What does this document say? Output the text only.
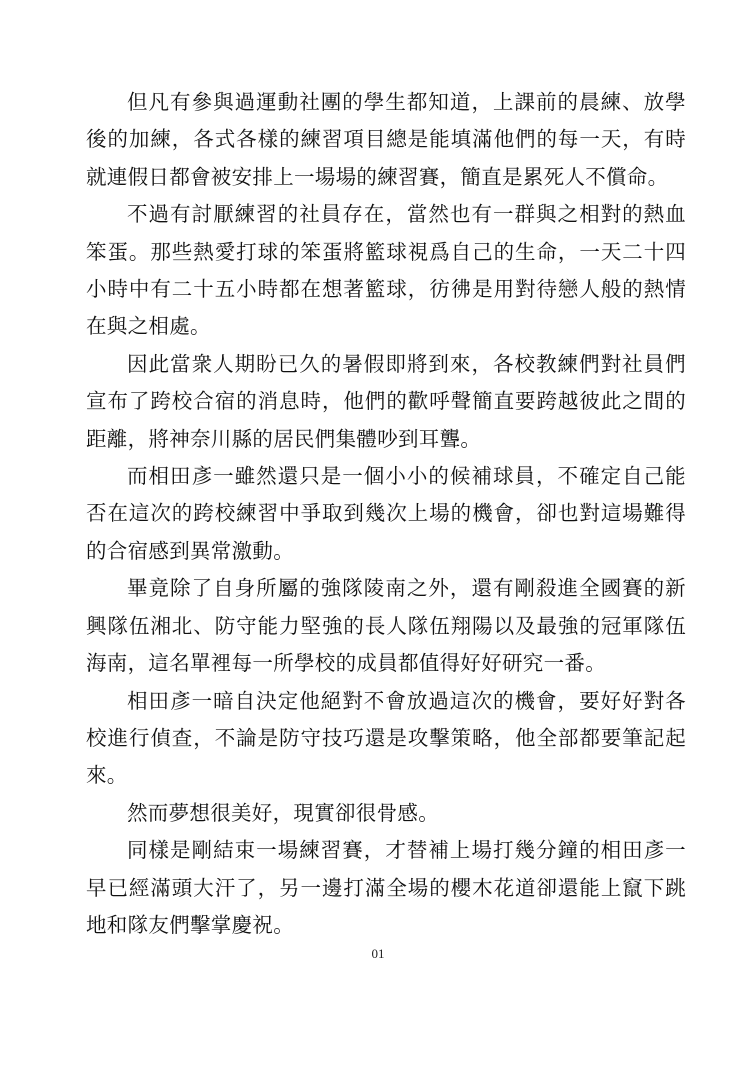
但凡有參與過運動社團的學生都知道，上課前的晨練、放學後的加練，各式各樣的練習項目總是能填滿他們的每一天，有時就連假日都會被安排上一場場的練習賽，簡直是累死人不償命。

不過有討厭練習的社員存在，當然也有一群與之相對的熱血笨蛋。那些熱愛打球的笨蛋將籃球視爲自己的生命，一天二十四小時中有二十五小時都在想著籃球，彷彿是用對待戀人般的熱情在與之相處。

因此當衆人期盼已久的暑假即將到來，各校教練們對社員們宣布了跨校合宿的消息時，他們的歡呼聲簡直要跨越彼此之間的距離，將神奈川縣的居民們集體吵到耳聾。

而相田彥一雖然還只是一個小小的候補球員，不確定自己能否在這次的跨校練習中爭取到幾次上場的機會，卻也對這場難得的合宿感到異常激動。

畢竟除了自身所屬的強隊陵南之外，還有剛殺進全國賽的新興隊伍湘北、防守能力堅強的長人隊伍翔陽以及最強的冠軍隊伍海南，這名單裡每一所學校的成員都值得好好研究一番。

相田彥一暗自決定他絕對不會放過這次的機會，要好好對各校進行偵查，不論是防守技巧還是攻擊策略，他全部都要筆記起來。

然而夢想很美好，現實卻很骨感。

同樣是剛結束一場練習賽，才替補上場打幾分鐘的相田彥一早已經滿頭大汗了，另一邊打滿全場的櫻木花道卻還能上竄下跳地和隊友們擊掌慶祝。

01
